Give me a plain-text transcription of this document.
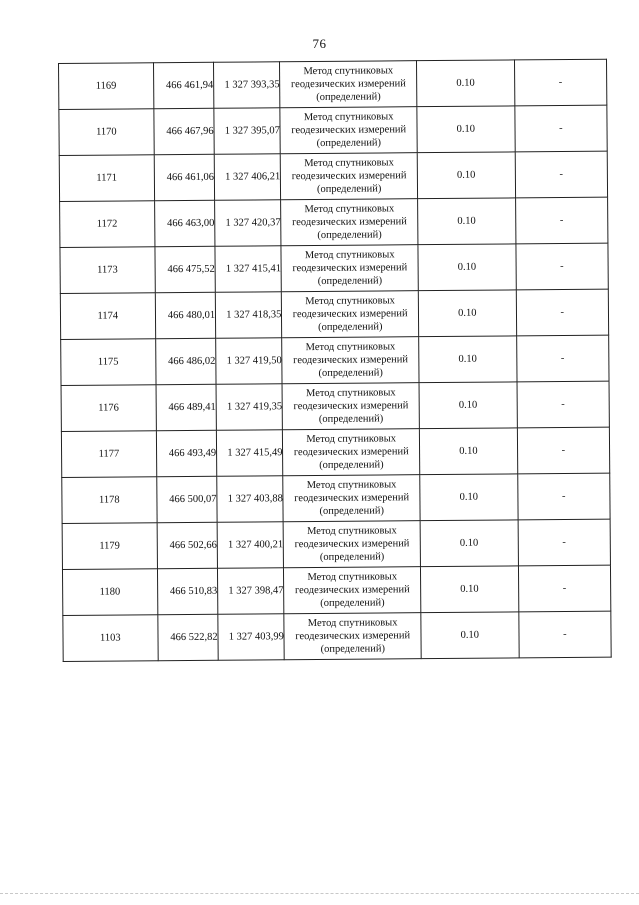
76
1169	466 461,94	1 327 393,35	Метод спутниковых
геодезических измерений
(определений)	0.10	-
1170	466 467,96	1 327 395,07	Метод спутниковых
геодезических измерений
(определений)	0.10	-
1171	466 461,06	1 327 406,21	Метод спутниковых
геодезических измерений
(определений)	0.10	-
1172	466 463,00	1 327 420,37	Метод спутниковых
геодезических измерений
(определений)	0.10	-
1173	466 475,52	1 327 415,41	Метод спутниковых
геодезических измерений
(определений)	0.10	-
1174	466 480,01	1 327 418,35	Метод спутниковых
геодезических измерений
(определений)	0.10	-
1175	466 486,02	1 327 419,50	Метод спутниковых
геодезических измерений
(определений)	0.10	-
1176	466 489,41	1 327 419,35	Метод спутниковых
геодезических измерений
(определений)	0.10	-
1177	466 493,49	1 327 415,49	Метод спутниковых
геодезических измерений
(определений)	0.10	-
1178	466 500,07	1 327 403,88	Метод спутниковых
геодезических измерений
(определений)	0.10	-
1179	466 502,66	1 327 400,21	Метод спутниковых
геодезических измерений
(определений)	0.10	-
1180	466 510,83	1 327 398,47	Метод спутниковых
геодезических измерений
(определений)	0.10	-
1103	466 522,82	1 327 403,99	Метод спутниковых
геодезических измерений
(определений)	0.10	-
